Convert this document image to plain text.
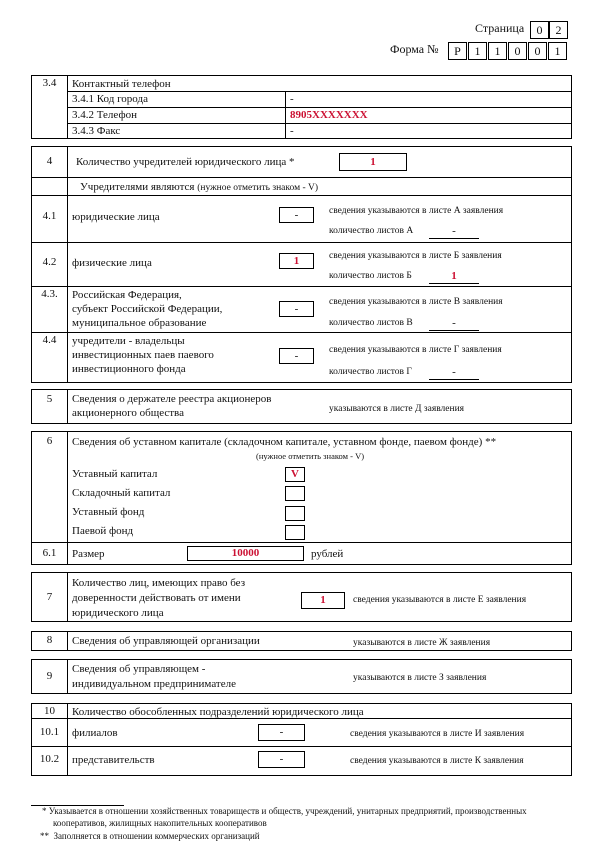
Страница	0	2
Форма №	Р	1	1	0	0	1
3.4	Контактный телефон
3.4.1 Код города	-
3.4.2 Телефон	8905XXXXXXX
3.4.3 Факс	-
4	Количество учредителей юридического лица *	1
Учредителями являются (нужное отметить знаком - V)
4.1	юридические лица	-	сведения указываются в листе А заявления
количество листов А	-
4.2	физические лица	1	сведения указываются в листе Б заявления
количество листов Б	1
4.3.	Российская Федерация,
субъект Российской Федерации,
муниципальное образование
-
сведения указываются в листе В заявления
количество листов В	-
4.4	учредители - владельцы
инвестиционных паев паевого
инвестиционного фонда
-	сведения указываются в листе Г заявления
количество листов Г	-
5	Сведения о держателе реестра акционеров
акционерного общества	указываются в листе Д заявления
6	Сведения об уставном капитале (складочном капитале, уставном фонде, паевом фонде) **
(нужное отметить знаком - V)
Уставный капитал	V
Складочный капитал
Уставный фонд
Паевой фонд
6.1	Размер	10000	рублей
7
Количество лиц, имеющих право без
доверенности действовать от имени
юридического лица
1	сведения указываются в листе Е заявления
8	Сведения об управляющей организации	указываются в листе Ж заявления
9
Сведения об управляющем -
индивидуальном предпринимателе	указываются в листе З заявления
10	Количество обособленных подразделений юридического лица
10.1	филиалов	-	сведения указываются в листе И заявления
10.2	представительств	-	сведения указываются в листе К заявления
* Указывается в отношении хозяйственных товариществ и обществ, учреждений, унитарных предприятий, производственных
кооперативов, жилищных накопительных кооперативов
** Заполняется в отношении коммерческих организаций
